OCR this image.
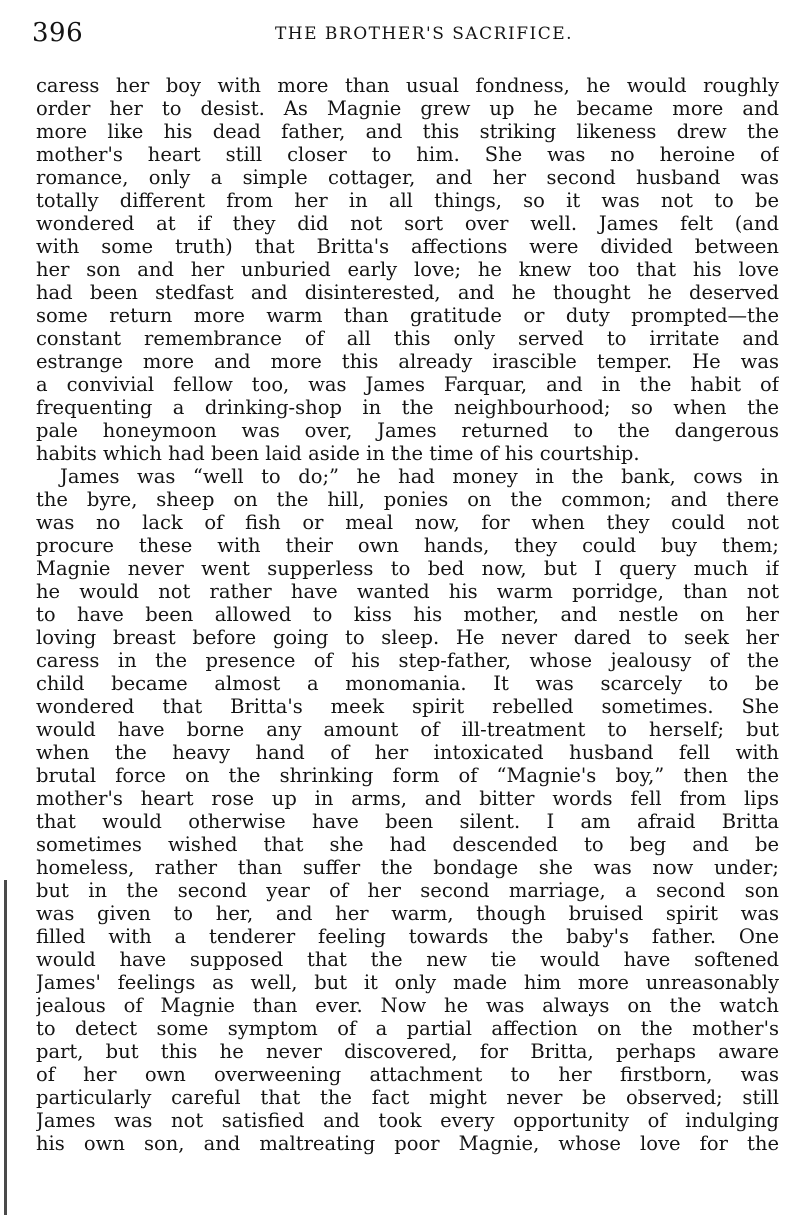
396	THE BROTHER'S SACRIFICE.
caress her boy with more than usual fondness, he would roughly
order her to desist. As Magnie grew up he became more and
more like his dead father, and this striking likeness drew the
mother's heart still closer to him. She was no heroine of
romance, only a simple cottager, and her second husband was
totally different from her in all things, so it was not to be
wondered at if they did not sort over well. James felt (and
with some truth) that Britta's affections were divided between
her son and her unburied early love; he knew too that his love
had been stedfast and disinterested, and he thought he deserved
some return more warm than gratitude or duty prompted—the
constant remembrance of all this only served to irritate and
estrange more and more this already irascible temper. He was
a convivial fellow too, was James Farquar, and in the habit of
frequenting a drinking-shop in the neighbourhood; so when the
pale honeymoon was over, James returned to the dangerous
habits which had been laid aside in the time of his courtship.
James was “well to do;” he had money in the bank, cows in
the byre, sheep on the hill, ponies on the common; and there
was no lack of fish or meal now, for when they could not
procure these with their own hands, they could buy them;
Magnie never went supperless to bed now, but I query much if
he would not rather have wanted his warm porridge, than not
to have been allowed to kiss his mother, and nestle on her
loving breast before going to sleep. He never dared to seek her
caress in the presence of his step-father, whose jealousy of the
child became almost a monomania. It was scarcely to be
wondered that Britta's meek spirit rebelled sometimes. She
would have borne any amount of ill-treatment to herself; but
when the heavy hand of her intoxicated husband fell with
brutal force on the shrinking form of “Magnie's boy,” then the
mother's heart rose up in arms, and bitter words fell from lips
that would otherwise have been silent. I am afraid Britta
sometimes wished that she had descended to beg and be
homeless, rather than suffer the bondage she was now under;
but in the second year of her second marriage, a second son
was given to her, and her warm, though bruised spirit was
filled with a tenderer feeling towards the baby's father. One
would have supposed that the new tie would have softened
James' feelings as well, but it only made him more unreasonably
jealous of Magnie than ever. Now he was always on the watch
to detect some symptom of a partial affection on the mother's
part, but this he never discovered, for Britta, perhaps aware
of her own overweening attachment to her firstborn, was
particularly careful that the fact might never be observed; still
James was not satisfied and took every opportunity of indulging
his own son, and maltreating poor Magnie, whose love for the
